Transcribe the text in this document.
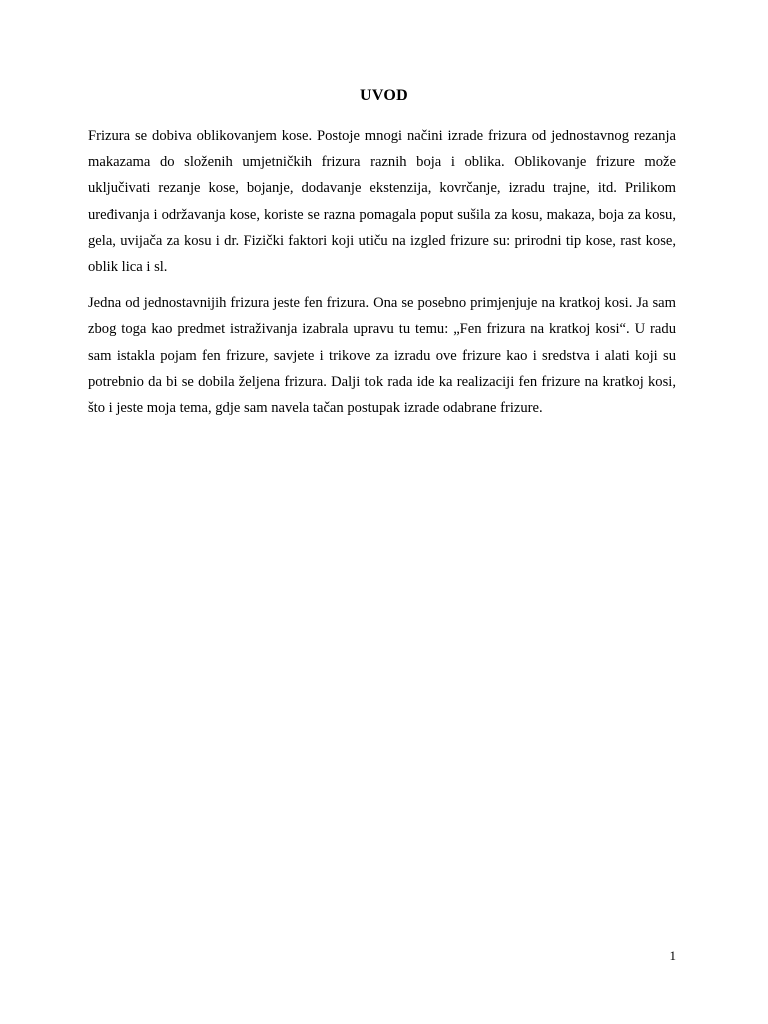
UVOD

Frizura se dobiva oblikovanjem kose. Postoje mnogi načini izrade frizura od jednostavnog rezanja makazama do složenih umjetničkih frizura raznih boja i oblika. Oblikovanje frizure može uključivati rezanje kose, bojanje, dodavanje ekstenzija, kovrčanje, izradu trajne, itd. Prilikom uređivanja i održavanja kose, koriste se razna pomagala poput sušila za kosu, makaza, boja za kosu, gela, uvijača za kosu i dr. Fizički faktori koji utiču na izgled frizure su: prirodni tip kose, rast kose, oblik lica i sl.

Jedna od jednostavnijih frizura jeste fen frizura. Ona se posebno primjenjuje na kratkoj kosi. Ja sam zbog toga kao predmet istraživanja izabrala upravu tu temu: „Fen frizura na kratkoj kosi“. U radu sam istakla pojam fen frizure, savjete i trikove za izradu ove frizure kao i sredstva i alati koji su potrebnio da bi se dobila željena frizura. Dalji tok rada ide ka realizaciji fen frizure na kratkoj kosi, što i jeste moja tema, gdje sam navela tačan postupak izrade odabrane frizure.

1
